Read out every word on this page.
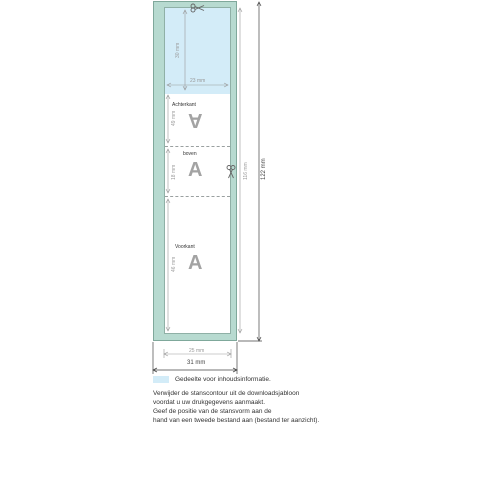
30 mm
23 mm
49 mm
18 mm
46 mm
116 mm 122 mm
25 mm
31 mm
Achterkant
boven
Voorkant
A
A
A
Gedeelte voor inhoudsinformatie.
Verwijder de stanscontour uit de downloadsjabloon
voordat u uw drukgegevens aanmaakt.
Geef de positie van de stansvorm aan de
hand van een tweede bestand aan (bestand ter aanzicht).
